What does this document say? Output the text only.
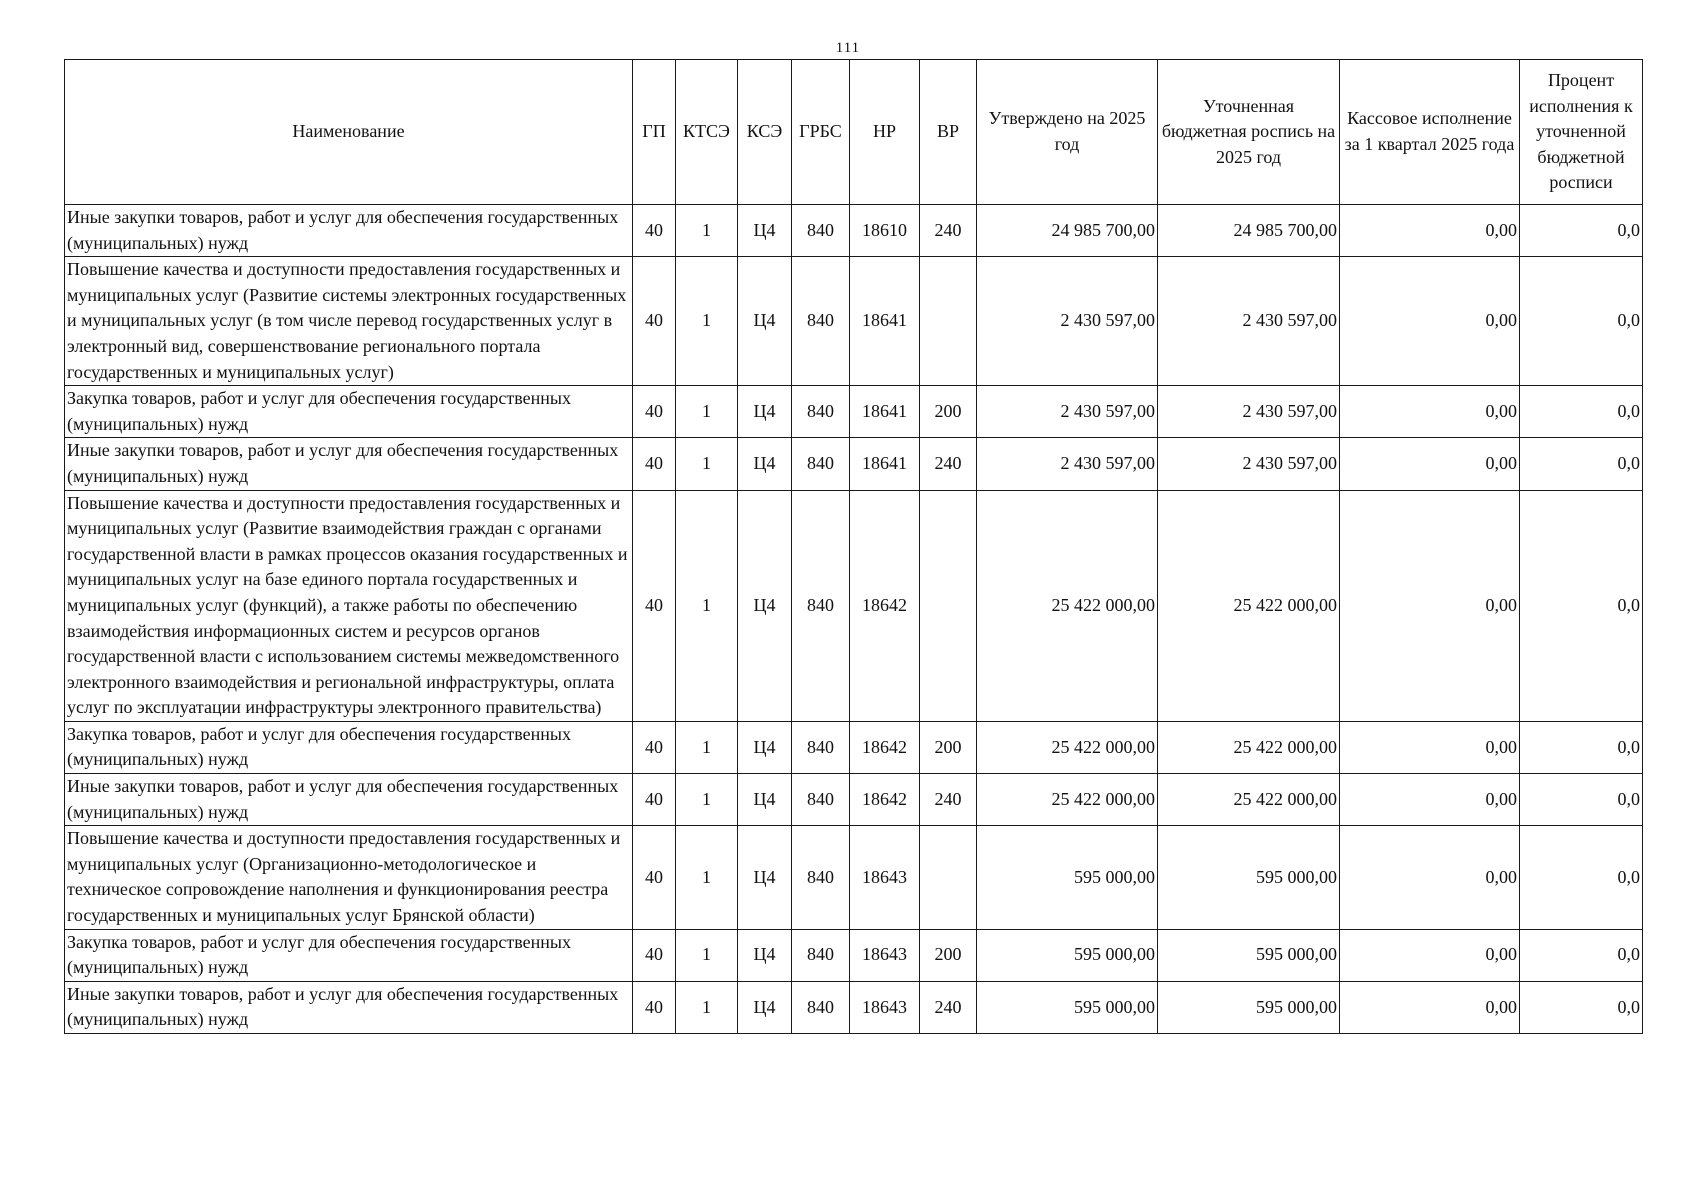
111
Наименование	ГП	КТСЭ	КСЭ	ГРБС	НР	ВР	Утверждено на 2025 год	Уточненная бюджетная роспись на 2025 год	Кассовое исполнение за 1 квартал 2025 года	Процент исполнения к уточненной бюджетной росписи
Иные закупки товаров, работ и услуг для обеспечения государственных (муниципальных) нужд	40	1	Ц4	840	18610	240	24 985 700,00	24 985 700,00	0,00	0,0
Повышение качества и доступности предоставления государственных и муниципальных услуг (Развитие системы электронных государственных и муниципальных услуг (в том числе перевод государственных услуг в электронный вид, совершенствование регионального портала государственных и муниципальных услуг)	40	1	Ц4	840	18641		2 430 597,00	2 430 597,00	0,00	0,0
Закупка товаров, работ и услуг для обеспечения государственных (муниципальных) нужд	40	1	Ц4	840	18641	200	2 430 597,00	2 430 597,00	0,00	0,0
Иные закупки товаров, работ и услуг для обеспечения государственных (муниципальных) нужд	40	1	Ц4	840	18641	240	2 430 597,00	2 430 597,00	0,00	0,0
Повышение качества и доступности предоставления государственных и муниципальных услуг (Развитие взаимодействия граждан с органами государственной власти в рамках процессов оказания государственных и муниципальных услуг на базе единого портала государственных и муниципальных услуг (функций), а также работы по обеспечению взаимодействия информационных систем и ресурсов органов государственной власти с использованием системы межведомственного электронного взаимодействия и региональной инфраструктуры, оплата услуг по эксплуатации инфраструктуры электронного правительства)	40	1	Ц4	840	18642		25 422 000,00	25 422 000,00	0,00	0,0
Закупка товаров, работ и услуг для обеспечения государственных (муниципальных) нужд	40	1	Ц4	840	18642	200	25 422 000,00	25 422 000,00	0,00	0,0
Иные закупки товаров, работ и услуг для обеспечения государственных (муниципальных) нужд	40	1	Ц4	840	18642	240	25 422 000,00	25 422 000,00	0,00	0,0
Повышение качества и доступности предоставления государственных и муниципальных услуг (Организационно-методологическое и техническое сопровождение наполнения и функционирования реестра государственных и муниципальных услуг Брянской области)	40	1	Ц4	840	18643		595 000,00	595 000,00	0,00	0,0
Закупка товаров, работ и услуг для обеспечения государственных (муниципальных) нужд	40	1	Ц4	840	18643	200	595 000,00	595 000,00	0,00	0,0
Иные закупки товаров, работ и услуг для обеспечения государственных (муниципальных) нужд	40	1	Ц4	840	18643	240	595 000,00	595 000,00	0,00	0,0
